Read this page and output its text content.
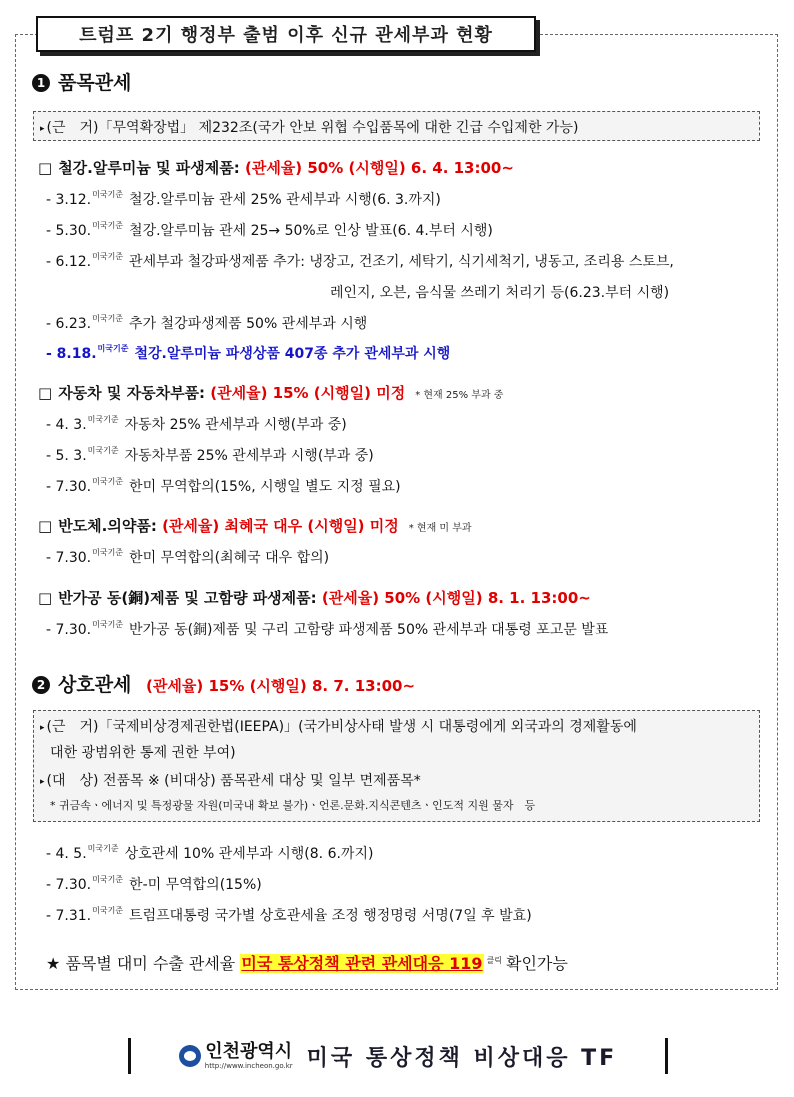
트럼프 2기 행정부 출범 이후 신규 관세부과 현황
1 품목관세
▸ (근　거)「무역확장법」 제232조(국가 안보 위협 수입품목에 대한 긴급 수입제한 가능)
□ 철강.알루미늄 및 파생제품: (관세율) 50% (시행일) 6. 4. 13:00~
- 3.12.$^{미국기준}$ 철강.알루미늄 관세 25% 관세부과 시행(6. 3.까지)
- 5.30.$^{미국기준}$ 철강.알루미늄 관세 25→ 50%로 인상 발표(6. 4.부터 시행)
- 6.12.$^{미국기준}$ 관세부과 철강파생제품 추가: 냉장고, 건조기, 세탁기, 식기세척기, 냉동고, 조리용 스토브,
레인지, 오븐, 음식물 쓰레기 처리기 등(6.23.부터 시행)
- 6.23.$^{미국기준}$ 추가 철강파생제품 50% 관세부과 시행
- 8.18.$^{미국기준}$ 철강.알루미늄 파생상품 407종 추가 관세부과 시행
□ 자동차 및 자동차부품: (관세율) 15% (시행일) 미정 * 현재 25% 부과 중
- 4. 3.$^{미국기준}$ 자동차 25% 관세부과 시행(부과 중)
- 5. 3.$^{미국기준}$ 자동차부품 25% 관세부과 시행(부과 중)
- 7.30.$^{미국기준}$ 한미 무역합의(15%, 시행일 별도 지정 필요)
□ 반도체.의약품: (관세율) 최혜국 대우 (시행일) 미정 * 현재 미 부과
- 7.30.$^{미국기준}$ 한미 무역합의(최혜국 대우 합의)
□ 반가공 동(銅)제품 및 고함량 파생제품: (관세율) 50% (시행일) 8. 1. 13:00~
- 7.30.$^{미국기준}$ 반가공 동(銅)제품 및 구리 고함량 파생제품 50% 관세부과 대통령 포고문 발표
2 상호관세 (관세율) 15% (시행일) 8. 7. 13:00~
▸ (근　거)「국제비상경제권한법(IEEPA)」(국가비상사태 발생 시 대통령에게 외국과의 경제활동에
대한 광범위한 통제 권한 부여)
▸ (대　상) 전품목 ※ (비대상) 품목관세 대상 및 일부 면제품목*
* 귀금속ㆍ에너지 및 특정광물 자원(미국내 확보 불가)ㆍ언론.문화.지식콘텐츠ㆍ인도적 지원 물자　등
- 4. 5.$^{미국기준}$ 상호관세 10% 관세부과 시행(8. 6.까지)
- 7.30.$^{미국기준}$ 한-미 무역합의(15%)
- 7.31.$^{미국기준}$ 트럼프대통령 국가별 상호관세율 조정 행정명령 서명(7일 후 발효)
★ 품목별 대미 수출 관세율 미국 통상정책 관련 관세대응 119 $^{클릭}$ 확인가능
인천광역시
http://www.incheon.go.kr 미국 통상정책 비상대응 TF
